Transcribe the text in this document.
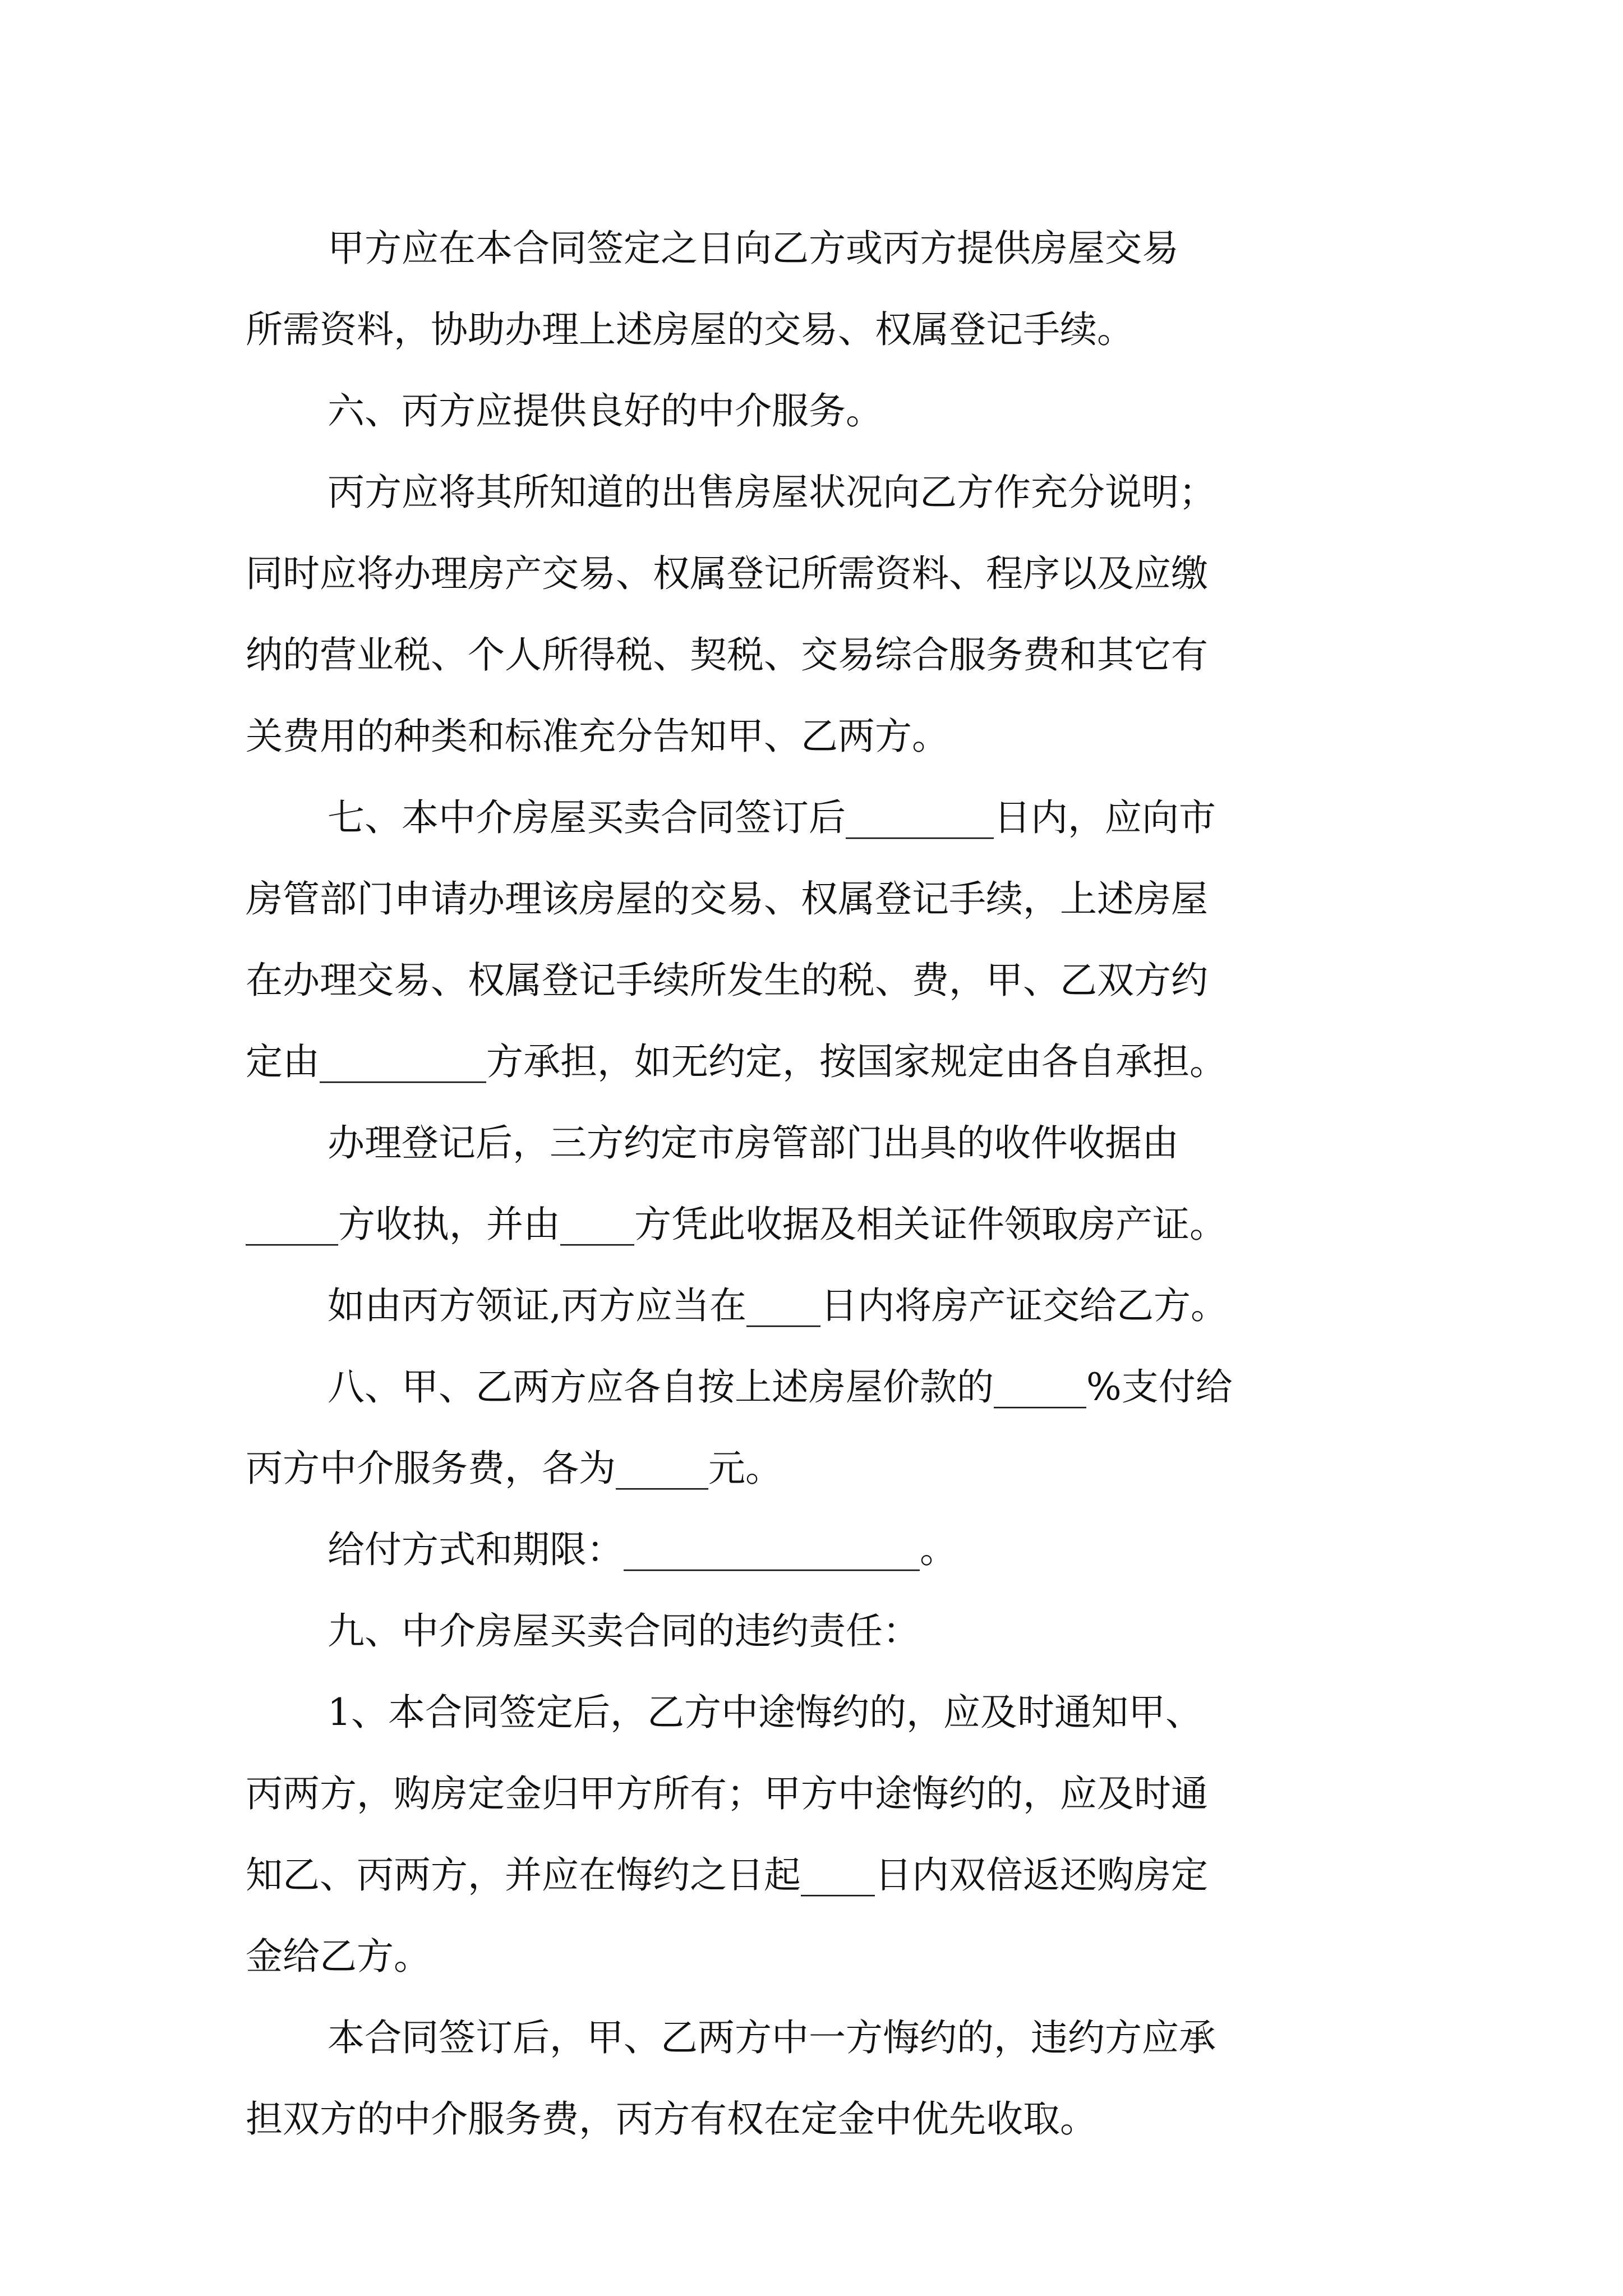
甲方应在本合同签定之日向乙方或丙方提供房屋交易
所需资料，协助办理上述房屋的交易、权属登记手续。
六、丙方应提供良好的中介服务。
丙方应将其所知道的出售房屋状况向乙方作充分说明；
同时应将办理房产交易、权属登记所需资料、程序以及应缴
纳的营业税、个人所得税、契税、交易综合服务费和其它有
关费用的种类和标准充分告知甲、乙两方。
七、本中介房屋买卖合同签订后________日内，应向市
房管部门申请办理该房屋的交易、权属登记手续，上述房屋
在办理交易、权属登记手续所发生的税、费，甲、乙双方约
定由_________方承担，如无约定，按国家规定由各自承担。
办理登记后，三方约定市房管部门出具的收件收据由
_____方收执，并由____方凭此收据及相关证件领取房产证。
如由丙方领证,丙方应当在____日内将房产证交给乙方。
八、甲、乙两方应各自按上述房屋价款的_____%支付给
丙方中介服务费，各为_____元。
给付方式和期限：________________。
九、中介房屋买卖合同的违约责任：
1、本合同签定后，乙方中途悔约的，应及时通知甲、
丙两方，购房定金归甲方所有；甲方中途悔约的，应及时通
知乙、丙两方，并应在悔约之日起____日内双倍返还购房定
金给乙方。
本合同签订后，甲、乙两方中一方悔约的，违约方应承
担双方的中介服务费，丙方有权在定金中优先收取。
